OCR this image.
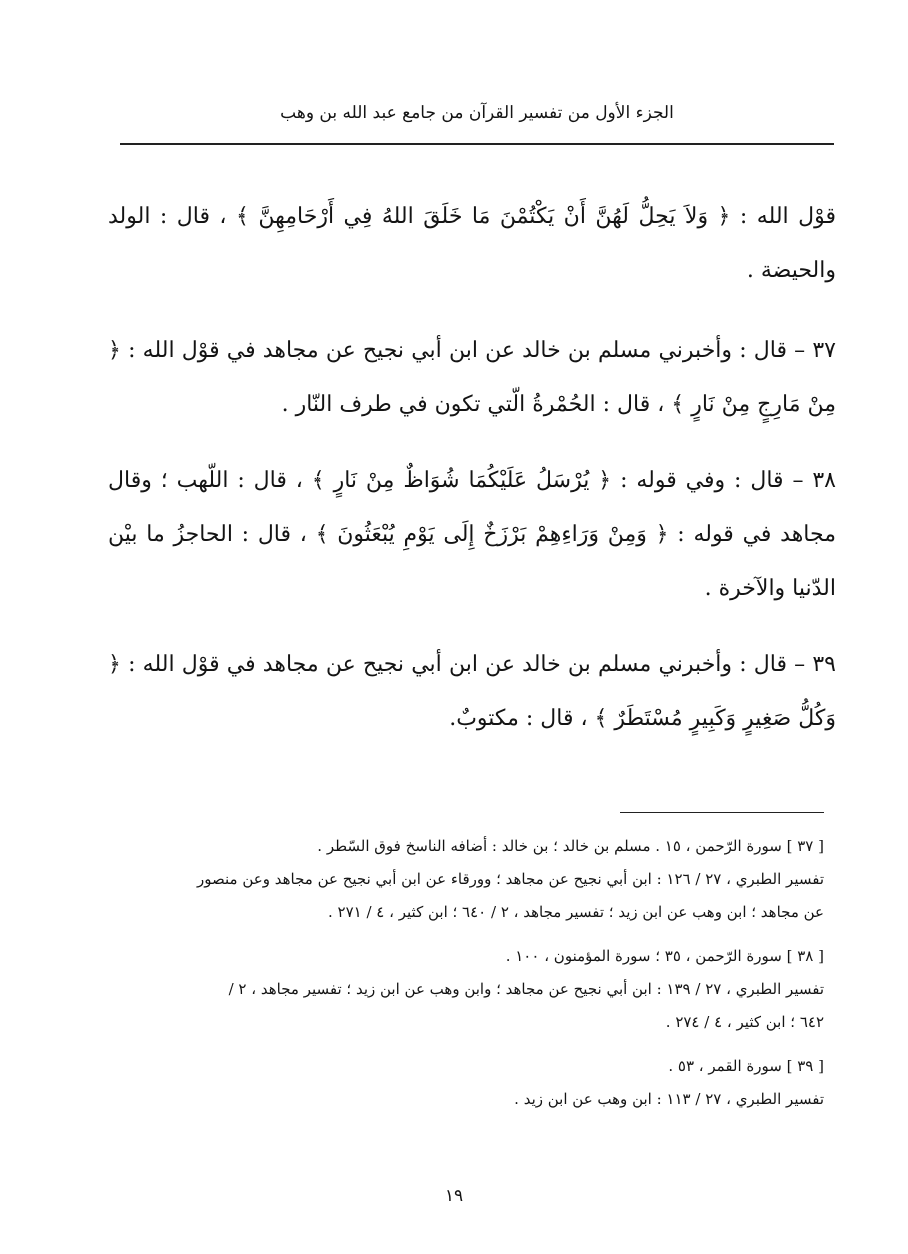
الجزء الأول من تفسير القرآن من جامع عبد الله بن وهب

قوْل الله : ﴿ وَلاَ يَحِلُّ لَهُنَّ أَنْ يَكْتُمْنَ مَا خَلَقَ اللهُ فِي أَرْحَامِهِنَّ ﴾ ، قال : الولد والحيضة .

٣٧ – قال : وأخبرني مسلم بن خالد عن ابن أبي نجيح عن مجاهد في قوْل الله : ﴿ مِنْ مَارِجٍ مِنْ نَارٍ ﴾ ، قال : الحُمْرةُ الّتي تكون في طرف النّار .

٣٨ – قال : وفي قوله : ﴿ يُرْسَلُ عَلَيْكُمَا شُوَاظٌ مِنْ نَارٍ ﴾ ، قال : اللّهب ؛ وقال مجاهد في قوله : ﴿ وَمِنْ وَرَاءِهِمْ بَرْزَخٌ إِلَى يَوْمِ يُبْعَثُونَ ﴾ ، قال : الحاجزُ ما بيْن الدّنيا والآخرة .

٣٩ – قال : وأخبرني مسلم بن خالد عن ابن أبي نجيح عن مجاهد في قوْل الله : ﴿ وَكُلُّ صَغِيرٍ وَكَبِيرٍ مُسْتَطَرٌ ﴾ ، قال : مكتوبٌ.

[ ٣٧ ] سورة الرّحمن ، ١٥ . مسلم بن خالد ؛ بن خالد : أضافه الناسخ فوق السّطر .
تفسير الطبري ، ٢٧ / ١٢٦ : ابن أبي نجيح عن مجاهد ؛ وورقاء عن ابن أبي نجيح عن مجاهد وعن منصور
عن مجاهد ؛ ابن وهب عن ابن زيد ؛ تفسير مجاهد ، ٢ / ٦٤٠ ؛ ابن كثير ، ٤ / ٢٧١ .
[ ٣٨ ] سورة الرّحمن ، ٣٥ ؛ سورة المؤمنون ، ١٠٠ .
تفسير الطبري ، ٢٧ / ١٣٩ : ابن أبي نجيح عن مجاهد ؛ وابن وهب عن ابن زيد ؛ تفسير مجاهد ، ٢ /
٦٤٢ ؛ ابن كثير ، ٤ / ٢٧٤ .
[ ٣٩ ] سورة القمر ، ٥٣ .
تفسير الطبري ، ٢٧ / ١١٣ : ابن وهب عن ابن زيد .
١٩
